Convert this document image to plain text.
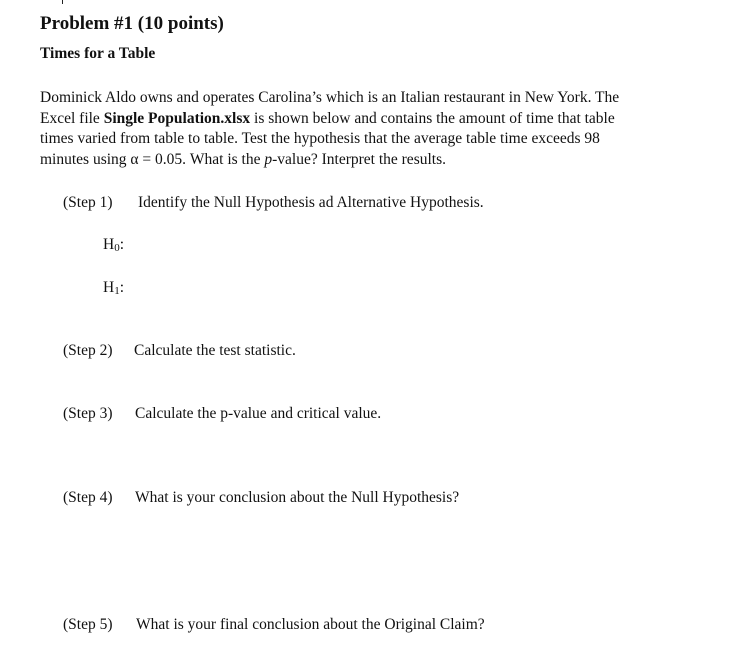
Problem #1 (10 points)
Times for a Table
Dominick Aldo owns and operates Carolina’s which is an Italian restaurant in New York. The
Excel file Single Population.xlsx is shown below and contains the amount of time that table
times varied from table to table. Test the hypothesis that the average table time exceeds 98
minutes using α = 0.05. What is the p-value? Interpret the results.
(Step 1) Identify the Null Hypothesis ad Alternative Hypothesis.
H0:
H1:
(Step 2) Calculate the test statistic.
(Step 3) Calculate the p-value and critical value.
(Step 4) What is your conclusion about the Null Hypothesis?
(Step 5) What is your final conclusion about the Original Claim?
